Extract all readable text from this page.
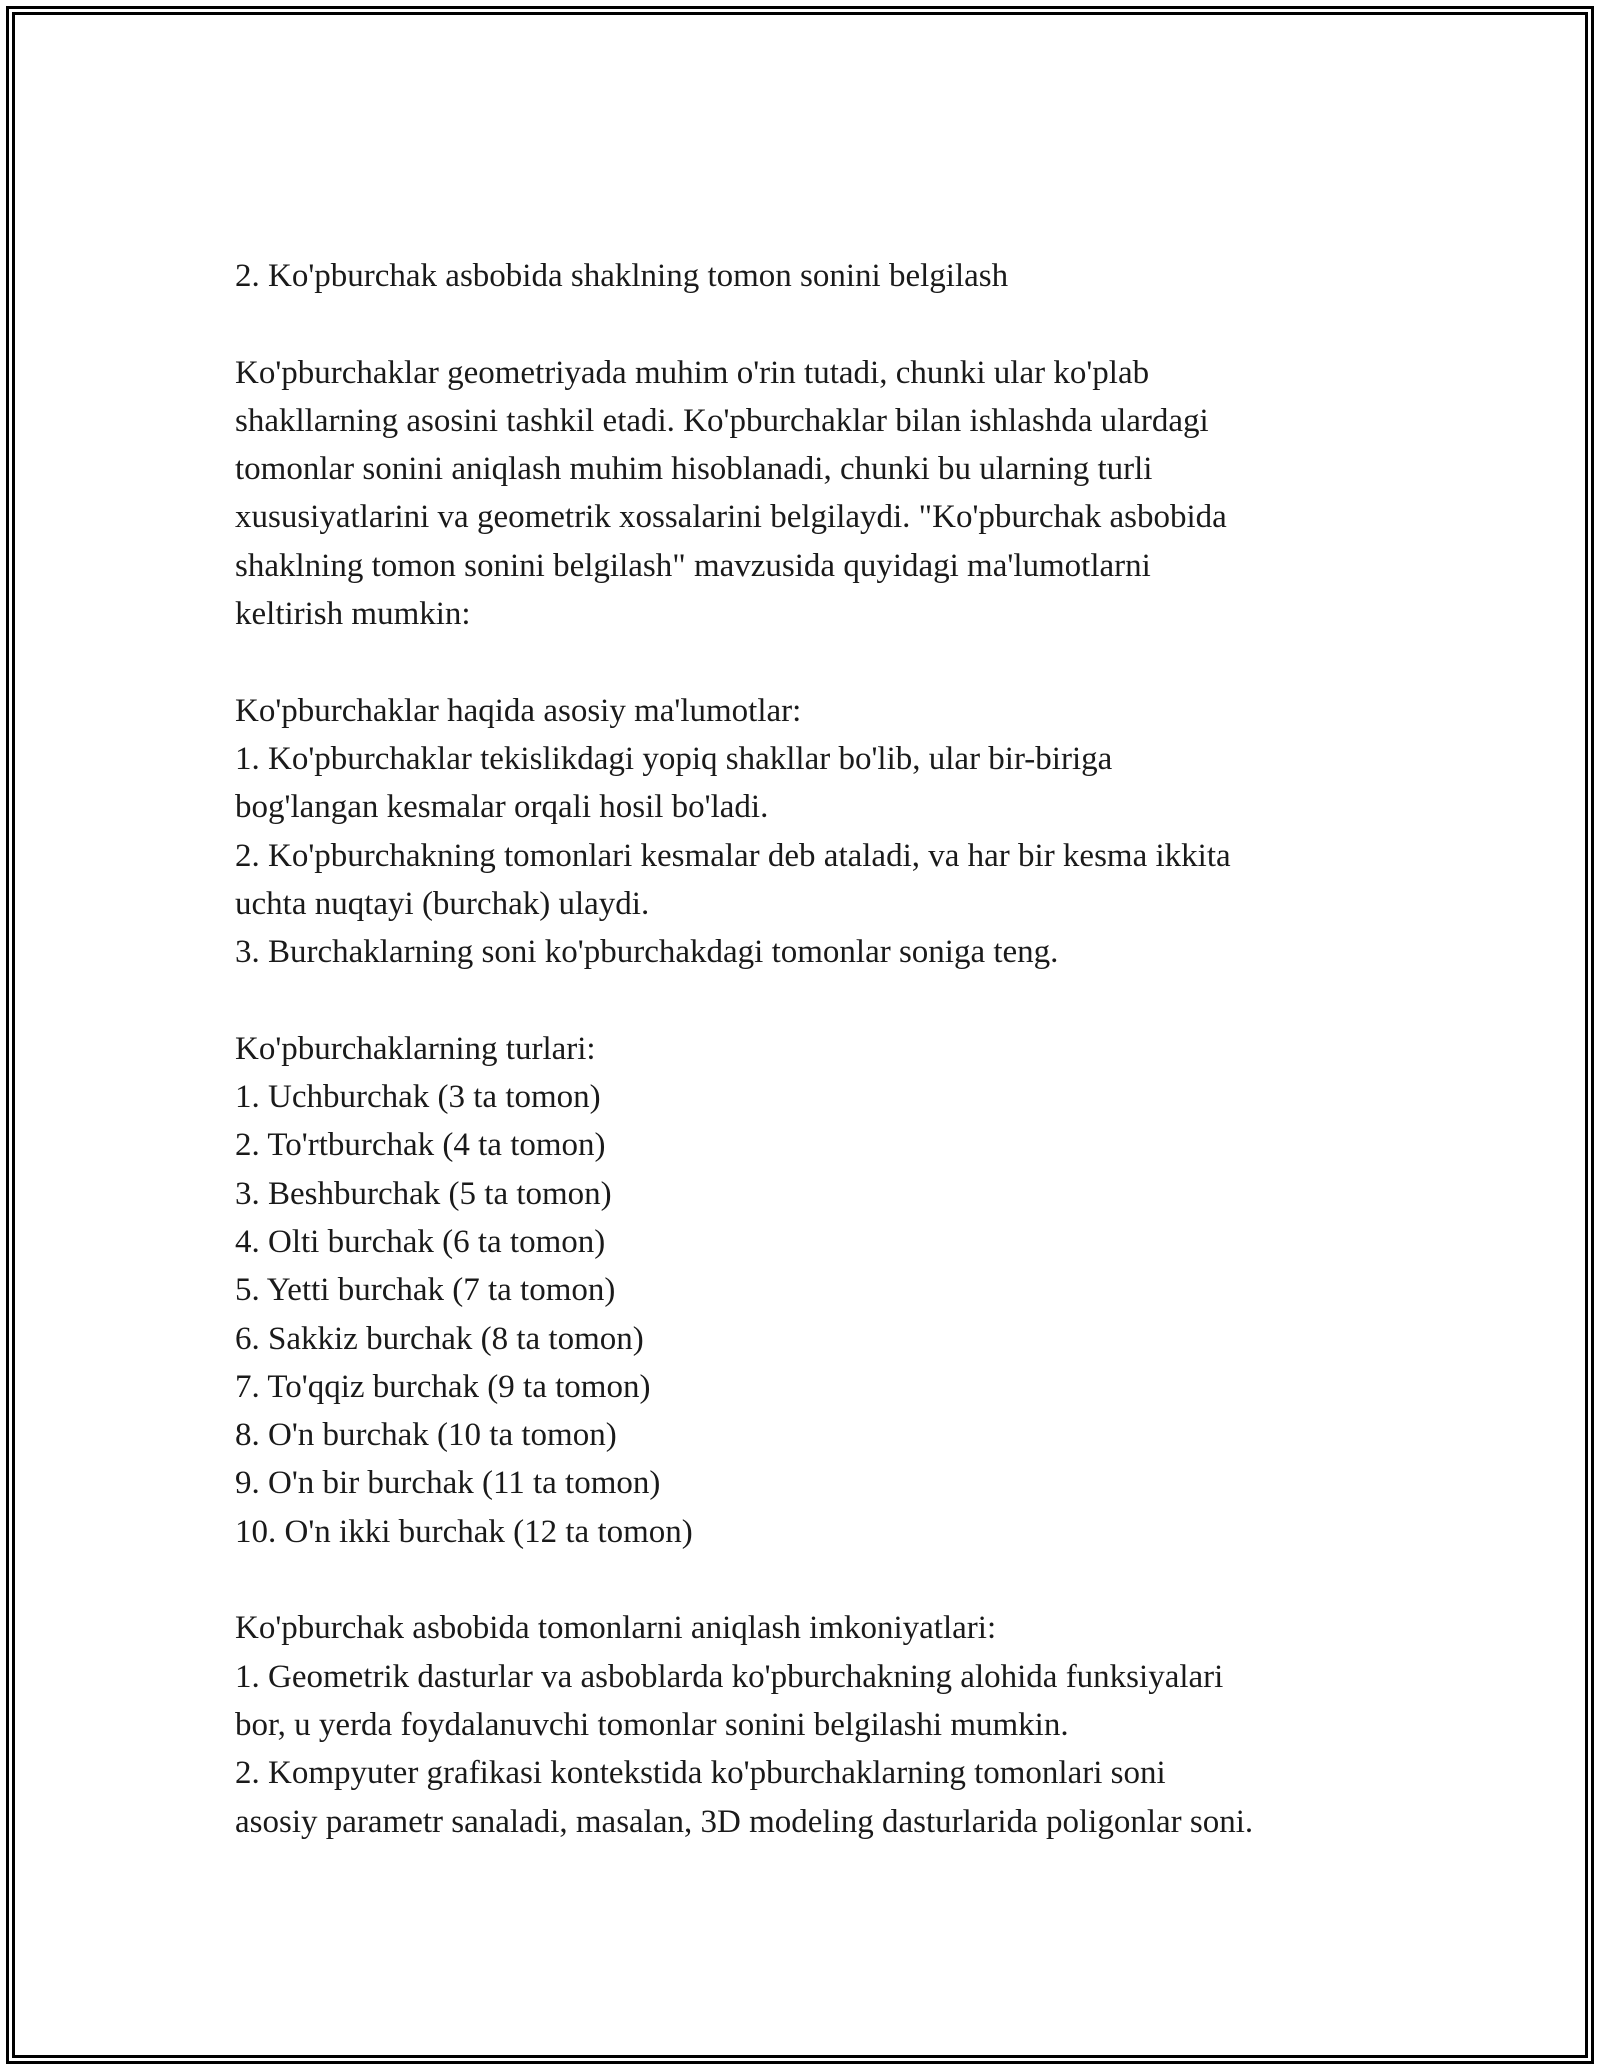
2. Ko'pburchak asbobida shaklning tomon sonini belgilash
Ko'pburchaklar geometriyada muhim o'rin tutadi, chunki ular ko'plab
shakllarning asosini tashkil etadi. Ko'pburchaklar bilan ishlashda ulardagi
tomonlar sonini aniqlash muhim hisoblanadi, chunki bu ularning turli
xususiyatlarini va geometrik xossalarini belgilaydi. "Ko'pburchak asbobida
shaklning tomon sonini belgilash" mavzusida quyidagi ma'lumotlarni
keltirish mumkin:
Ko'pburchaklar haqida asosiy ma'lumotlar:
1. Ko'pburchaklar tekislikdagi yopiq shakllar bo'lib, ular bir-biriga
bog'langan kesmalar orqali hosil bo'ladi.
2. Ko'pburchakning tomonlari kesmalar deb ataladi, va har bir kesma ikkita
uchta nuqtayi (burchak) ulaydi.
3. Burchaklarning soni ko'pburchakdagi tomonlar soniga teng.
Ko'pburchaklarning turlari:
1. Uchburchak (3 ta tomon)
2. To'rtburchak (4 ta tomon)
3. Beshburchak (5 ta tomon)
4. Olti burchak (6 ta tomon)
5. Yetti burchak (7 ta tomon)
6. Sakkiz burchak (8 ta tomon)
7. To'qqiz burchak (9 ta tomon)
8. O'n burchak (10 ta tomon)
9. O'n bir burchak (11 ta tomon)
10. O'n ikki burchak (12 ta tomon)
Ko'pburchak asbobida tomonlarni aniqlash imkoniyatlari:
1. Geometrik dasturlar va asboblarda ko'pburchakning alohida funksiyalari
bor, u yerda foydalanuvchi tomonlar sonini belgilashi mumkin.
2. Kompyuter grafikasi kontekstida ko'pburchaklarning tomonlari soni
asosiy parametr sanaladi, masalan, 3D modeling dasturlarida poligonlar soni.
